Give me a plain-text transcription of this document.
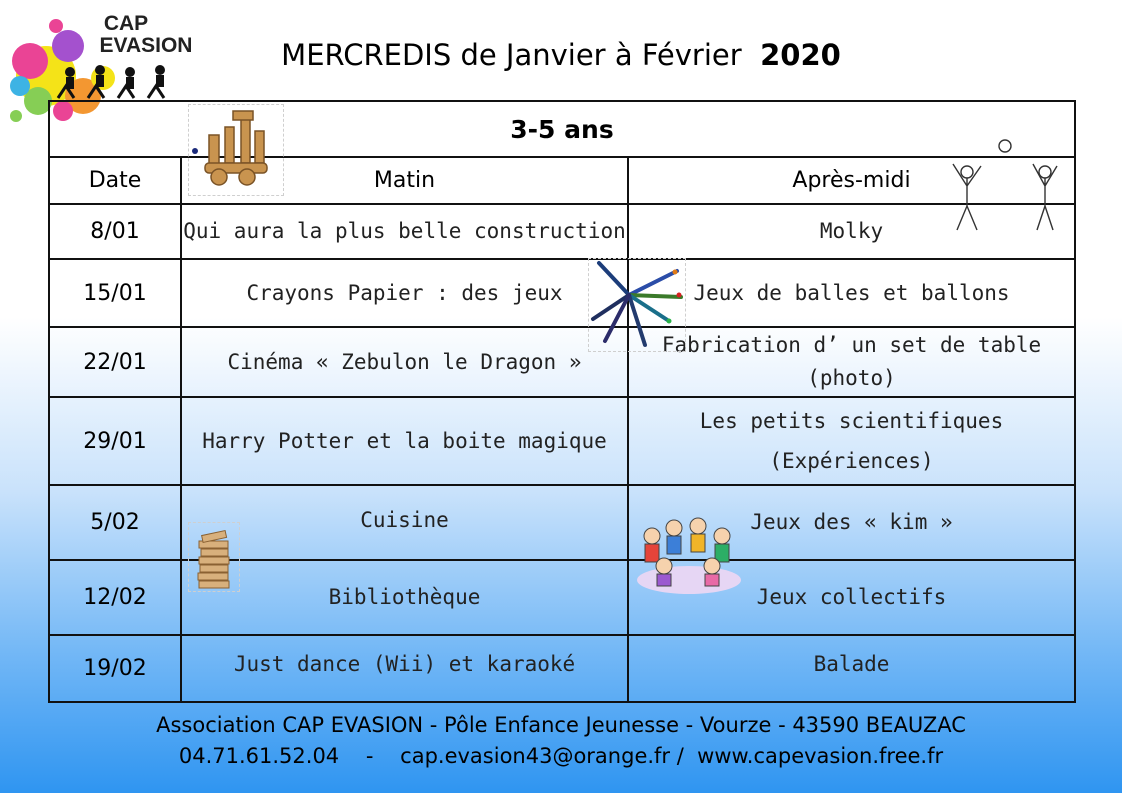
CAP
EVASION	MERCREDIS de Janvier à Février 2020
3-5 ans		
Date	Matin	Après-midi
8/01	Qui aura la plus belle construction	Molky
15/01	Crayons Papier : des jeux	Jeux de balles et ballons
22/01	Cinéma « Zebulon le Dragon »	Fabrication d’ un set de table (photo)
29/01	Harry Potter et la boite magique	Les petits scientifiques (Expériences)
5/02	Cuisine	Jeux des « kim »
12/02	Bibliothèque	Jeux collectifs
19/02	Just dance (Wii) et karaoké	Balade
Association CAP EVASION - Pôle Enfance Jeunesse - Vourze - 43590 BEAUZAC
04.71.61.52.04    -    cap.evasion43@orange.fr /  www.capevasion.free.fr
